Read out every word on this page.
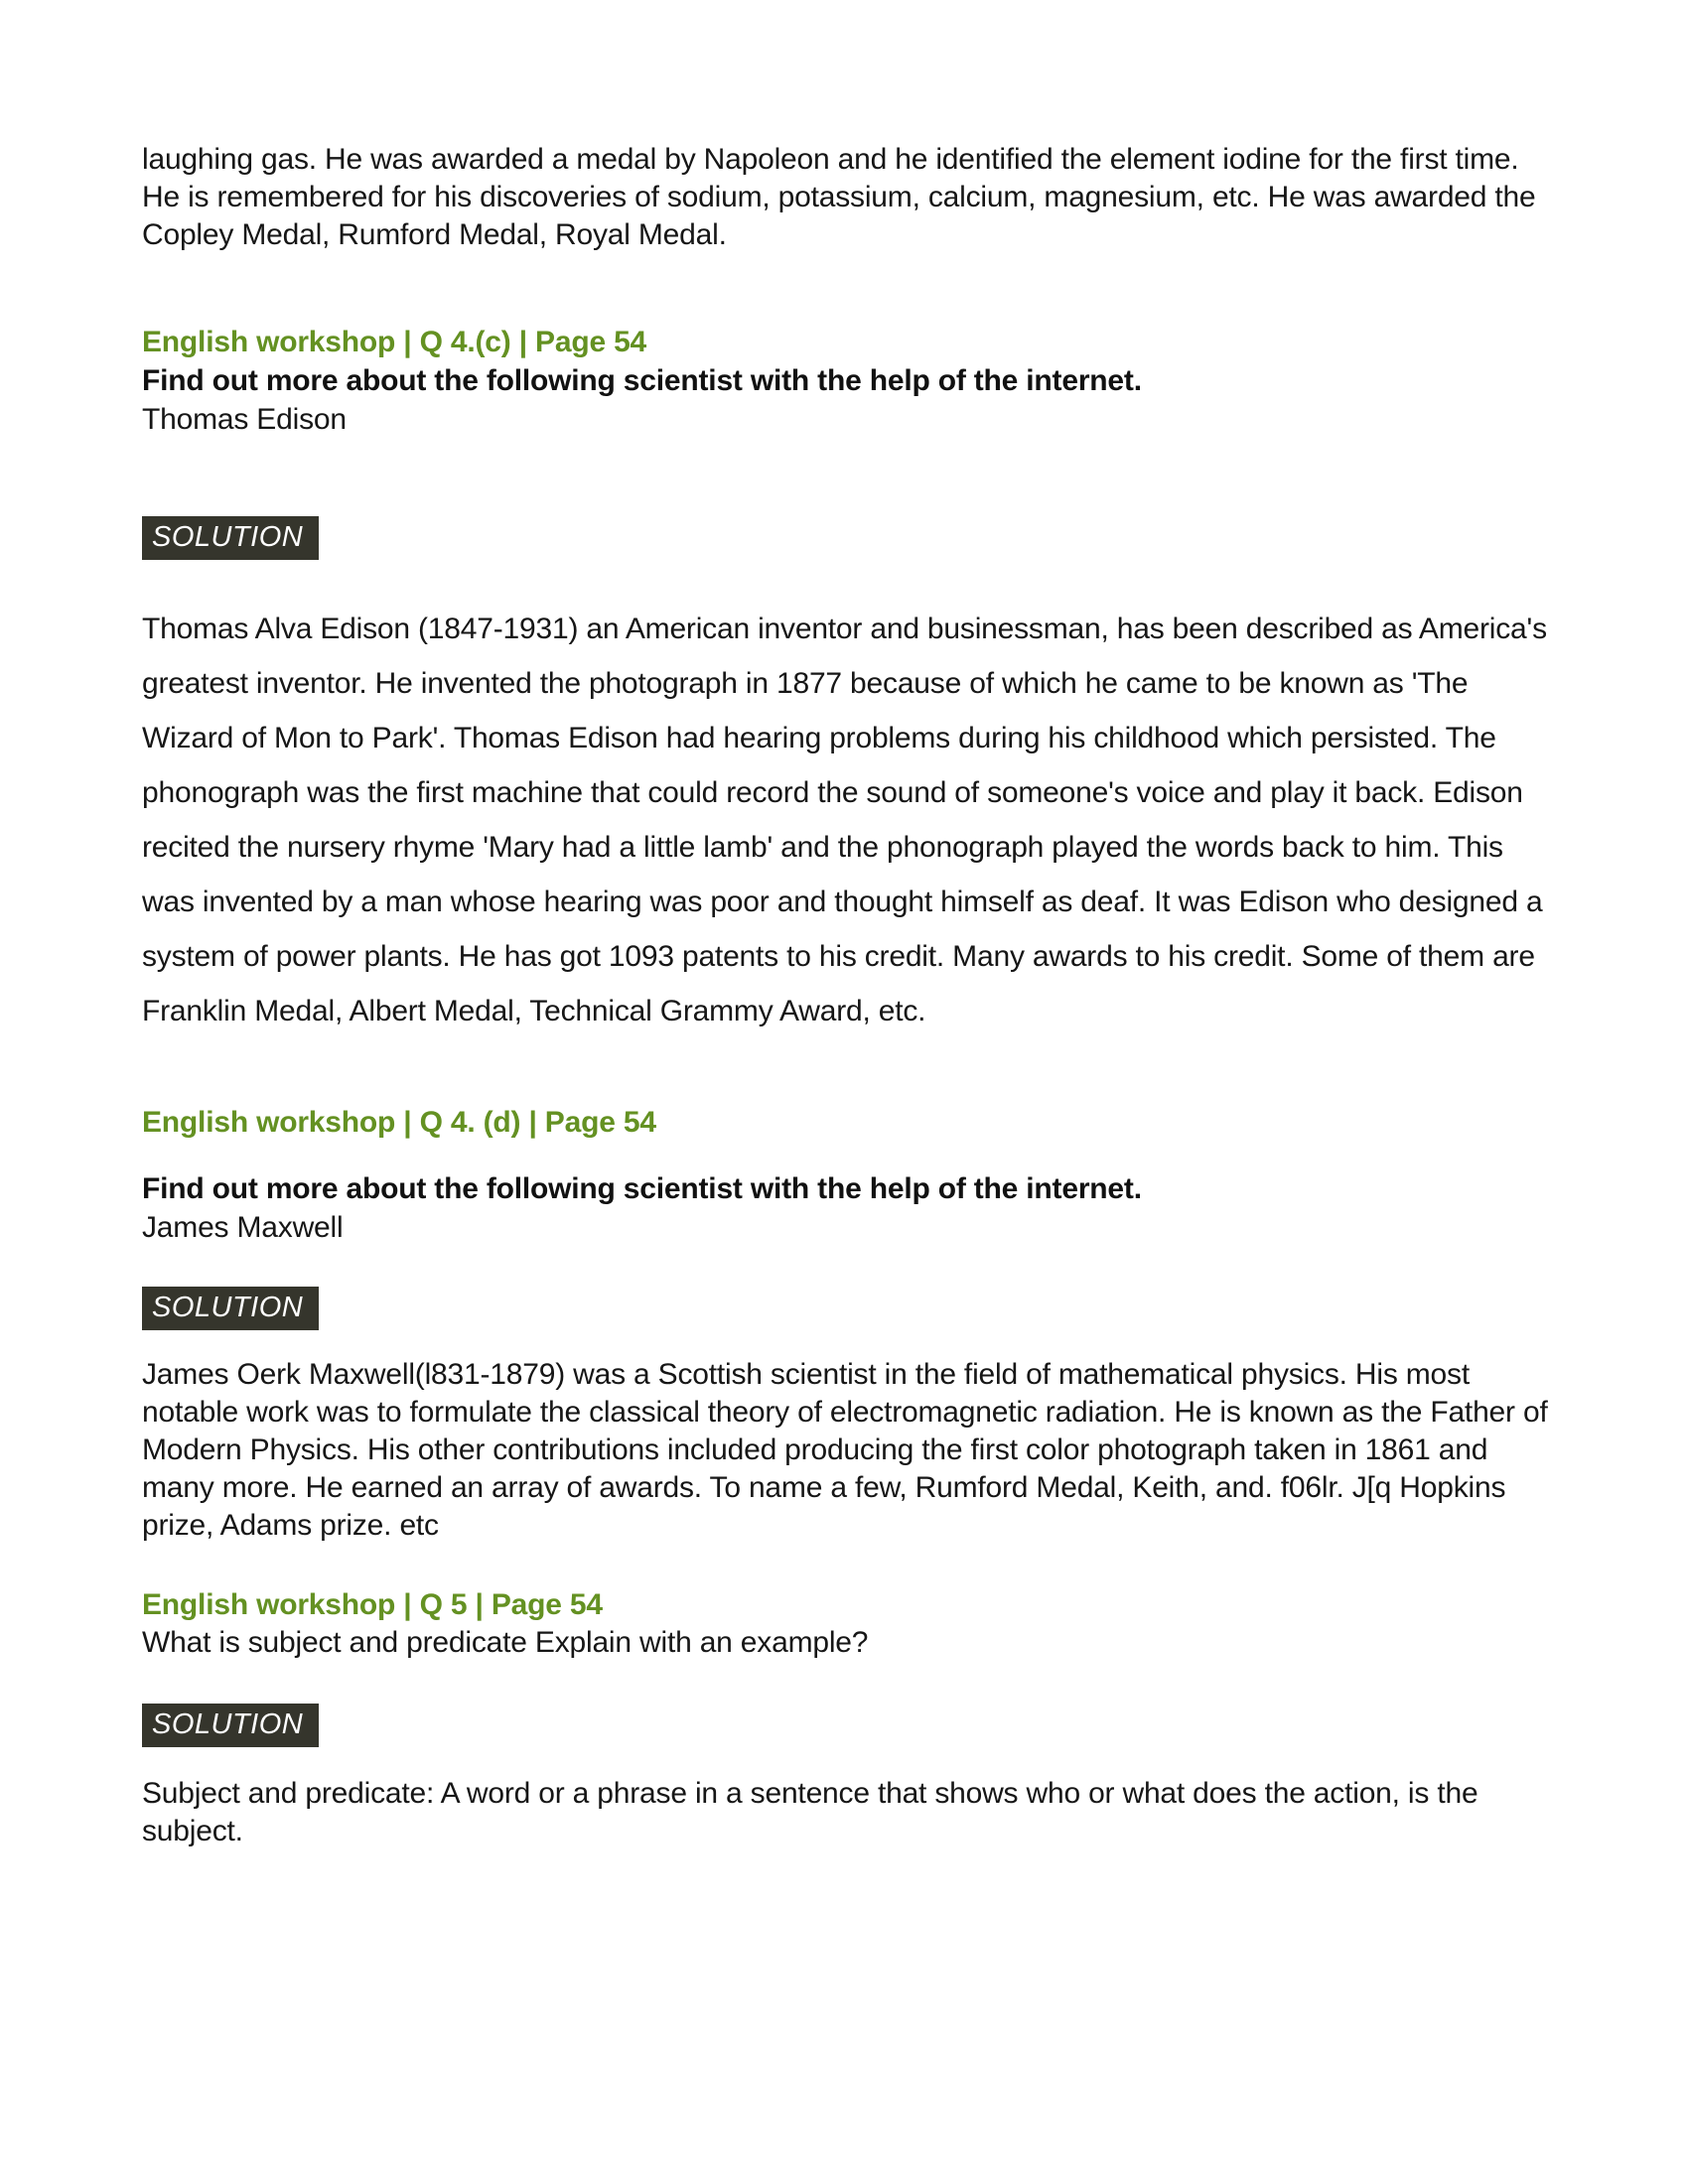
laughing gas. He was awarded a medal by Napoleon and he identified the element iodine for the first time. He is remembered for his discoveries of sodium, potassium, calcium, magnesium, etc. He was awarded the Copley Medal, Rumford Medal, Royal Medal.

English workshop | Q 4.(c) | Page 54

Find out more about the following scientist with the help of the internet.

Thomas Edison

SOLUTION

Thomas Alva Edison (1847-1931) an American inventor and businessman, has been described as America's greatest inventor. He invented the photograph in 1877 because of which he came to be known as 'The Wizard of Mon to Park'. Thomas Edison had hearing problems during his childhood which persisted. The phonograph was the first machine that could record the sound of someone's voice and play it back. Edison recited the nursery rhyme 'Mary had a little lamb' and the phonograph played the words back to him. This was invented by a man whose hearing was poor and thought himself as deaf. It was Edison who designed a system of power plants. He has got 1093 patents to his credit. Many awards to his credit. Some of them are Franklin Medal, Albert Medal, Technical Grammy Award, etc.

English workshop | Q 4. (d) | Page 54

Find out more about the following scientist with the help of the internet.

James Maxwell

SOLUTION

James Oerk Maxwell(l831-1879) was a Scottish scientist in the field of mathematical physics. His most notable work was to formulate the classical theory of electromagnetic radiation. He is known as the Father of Modern Physics. His other contributions included producing the first color photograph taken in 1861 and many more. He earned an array of awards. To name a few, Rumford Medal, Keith, and. f06lr. J[q Hopkins prize, Adams prize. etc

English workshop | Q 5 | Page 54

What is subject and predicate Explain with an example?

SOLUTION

Subject and predicate: A word or a phrase in a sentence that shows who or what does the action, is the subject.
